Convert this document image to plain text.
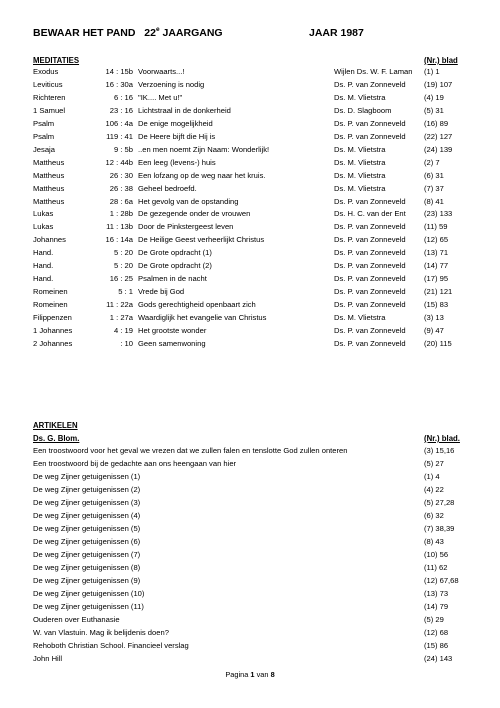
BEWAAR HET PAND 22e JAARGANG	JAAR 1987
MEDITATIES	(Nr.) blad
Exodus	14 : 15b Voorwaarts...!	Wijlen Ds. W. F. Laman (1) 1
Leviticus	16 : 30a Verzoening is nodig	Ds. P. van Zonneveld (19) 107
Richteren	6 : 16 "IK.... Met u!"	Ds. M. Vlietstra	(4) 19
1 Samuel	23 : 16 Lichtstraal in de donkerheid	Ds. D. Slagboom	(5) 31
Psalm	106 : 4a De enige mogelijkheid	Ds. P. van Zonneveld (16) 89
Psalm	119 : 41 De Heere bijft die Hij is	Ds. P. van Zonneveld (22) 127
Jesaja	9 : 5b ..en men noemt Zijn Naam: Wonderlijk!	Ds. M. Vlietstra	(24) 139
Mattheus	12 : 44b Een leeg (levens-) huis	Ds. M. Vlietstra	(2) 7
Mattheus	26 : 30 Een lofzang op de weg naar het kruis.	Ds. M. Vlietstra	(6) 31
Mattheus	26 : 38 Geheel bedroefd.	Ds. M. Vlietstra	(7) 37
Mattheus	28 : 6a Het gevolg van de opstanding	Ds. P. van Zonneveld (8) 41
Lukas	1 : 28b De gezegende onder de vrouwen	Ds. H. C. van der Ent (23) 133
Lukas	11 : 13b Door de Pinkstergeest leven	Ds. P. van Zonneveld (11) 59
Johannes	16 : 14a De Heilige Geest verheerlijkt Christus	Ds. P. van Zonneveld (12) 65
Hand.	5 : 20 De Grote opdracht (1)	Ds. P. van Zonneveld (13) 71
Hand.	5 : 20 De Grote opdracht (2)	Ds. P. van Zonneveld (14) 77
Hand.	16 : 25 Psalmen in de nacht	Ds. P. van Zonneveld (17) 95
Romeinen	5 : 1 Vrede bij God	Ds. P. van Zonneveld (21) 121
Romeinen	11 : 22a Gods gerechtigheid openbaart zich	Ds. P. van Zonneveld (15) 83
Filippenzen	1 : 27a Waardiglijk het evangelie van Christus	Ds. M. Vlietstra	(3) 13
1 Johannes	4 : 19 Het grootste wonder	Ds. P. van Zonneveld (9) 47
2 Johannes	: 10 Geen samenwoning	Ds. P. van Zonneveld (20) 115
ARTIKELEN
Ds. G. Blom.	(Nr.) blad.
Een troostwoord voor het geval we vrezen dat we zullen falen en tenslotte God zullen onteren	(3) 15,16
Een troostwoord bij de gedachte aan ons heengaan van hier	(5) 27
De weg Zijner getuigenissen (1)	(1) 4
De weg Zijner getuigenissen (2)	(4) 22
De weg Zijner getuigenissen (3)	(5) 27,28
De weg Zijner getuigenissen (4)	(6) 32
De weg Zijner getuigenissen (5)	(7) 38,39
De weg Zijner getuigenissen (6)	(8) 43
De weg Zijner getuigenissen (7)	(10) 56
De weg Zijner getuigenissen (8)	(11) 62
De weg Zijner getuigenissen (9)	(12) 67,68
De weg Zijner getuigenissen (10)	(13) 73
De weg Zijner getuigenissen (11)	(14) 79
Ouderen over Euthanasie	(5) 29
W. van Vlastuin. Mag ik belijdenis doen?	(12) 68
Rehoboth Christian School. Financieel verslag	(15) 86
John Hill	(24) 143
Pagina 1 van 8
